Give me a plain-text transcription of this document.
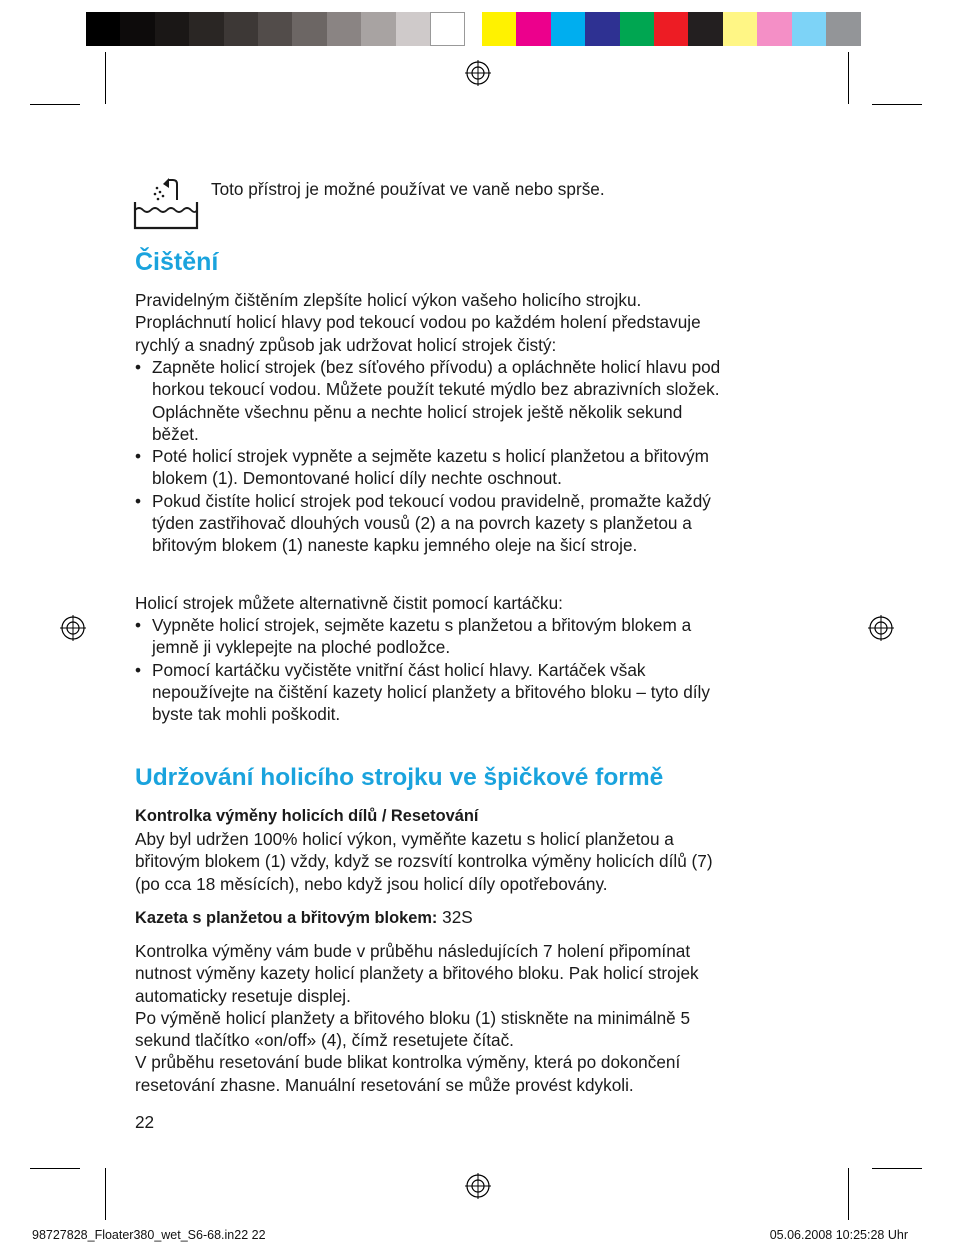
Toto přístroj je možné používat ve vaně nebo sprše.
Čištění
Pravidelným čištěním zlepšíte holicí výkon vašeho holicího strojku.
Propláchnutí holicí hlavy pod tekoucí vodou po každém holení představuje
rychlý a snadný způsob jak udržovat holicí strojek čistý:
• Zapněte holicí strojek (bez síťového přívodu) a opláchněte holicí hlavu pod
horkou tekoucí vodou. Můžete použít tekuté mýdlo bez abrazivních složek.
Opláchněte všechnu pěnu a nechte holicí strojek ještě několik sekund
běžet.
• Poté holicí strojek vypněte a sejměte kazetu s holicí planžetou a břitovým
blokem (1). Demontované holicí díly nechte oschnout.
• Pokud čistíte holicí strojek pod tekoucí vodou pravidelně, promažte každý
týden zastřihovač dlouhých vousů (2) a na povrch kazety s planžetou a
břitovým blokem (1) naneste kapku jemného oleje na šicí stroje.
Holicí strojek můžete alternativně čistit pomocí kartáčku:
• Vypněte holicí strojek, sejměte kazetu s planžetou a břitovým blokem a
jemně ji vyklepejte na ploché podložce.
• Pomocí kartáčku vyčistěte vnitřní část holicí hlavy. Kartáček však
nepoužívejte na čištění kazety holicí planžety a břitového bloku – tyto díly
byste tak mohli poškodit.
Udržování holicího strojku ve špičkové formě
Kontrolka výměny holicích dílů / Resetování
Aby byl udržen 100% holicí výkon, vyměňte kazetu s holicí planžetou a
břitovým blokem (1) vždy, když se rozsvítí kontrolka výměny holicích dílů (7)
(po cca 18 měsících), nebo když jsou holicí díly opotřebovány.
Kazeta s planžetou a břitovým blokem: 32S
Kontrolka výměny vám bude v průběhu následujících 7 holení připomínat
nutnost výměny kazety holicí planžety a břitového bloku. Pak holicí strojek
automaticky resetuje displej.
Po výměně holicí planžety a břitového bloku (1) stiskněte na minimálně 5
sekund tlačítko «on/off» (4), čímž resetujete čítač.
V průběhu resetování bude blikat kontrolka výměny, která po dokončení
resetování zhasne. Manuální resetování se může provést kdykoli.
22
98727828_Floater380_wet_S6-68.in22 22	05.06.2008 10:25:28 Uhr
